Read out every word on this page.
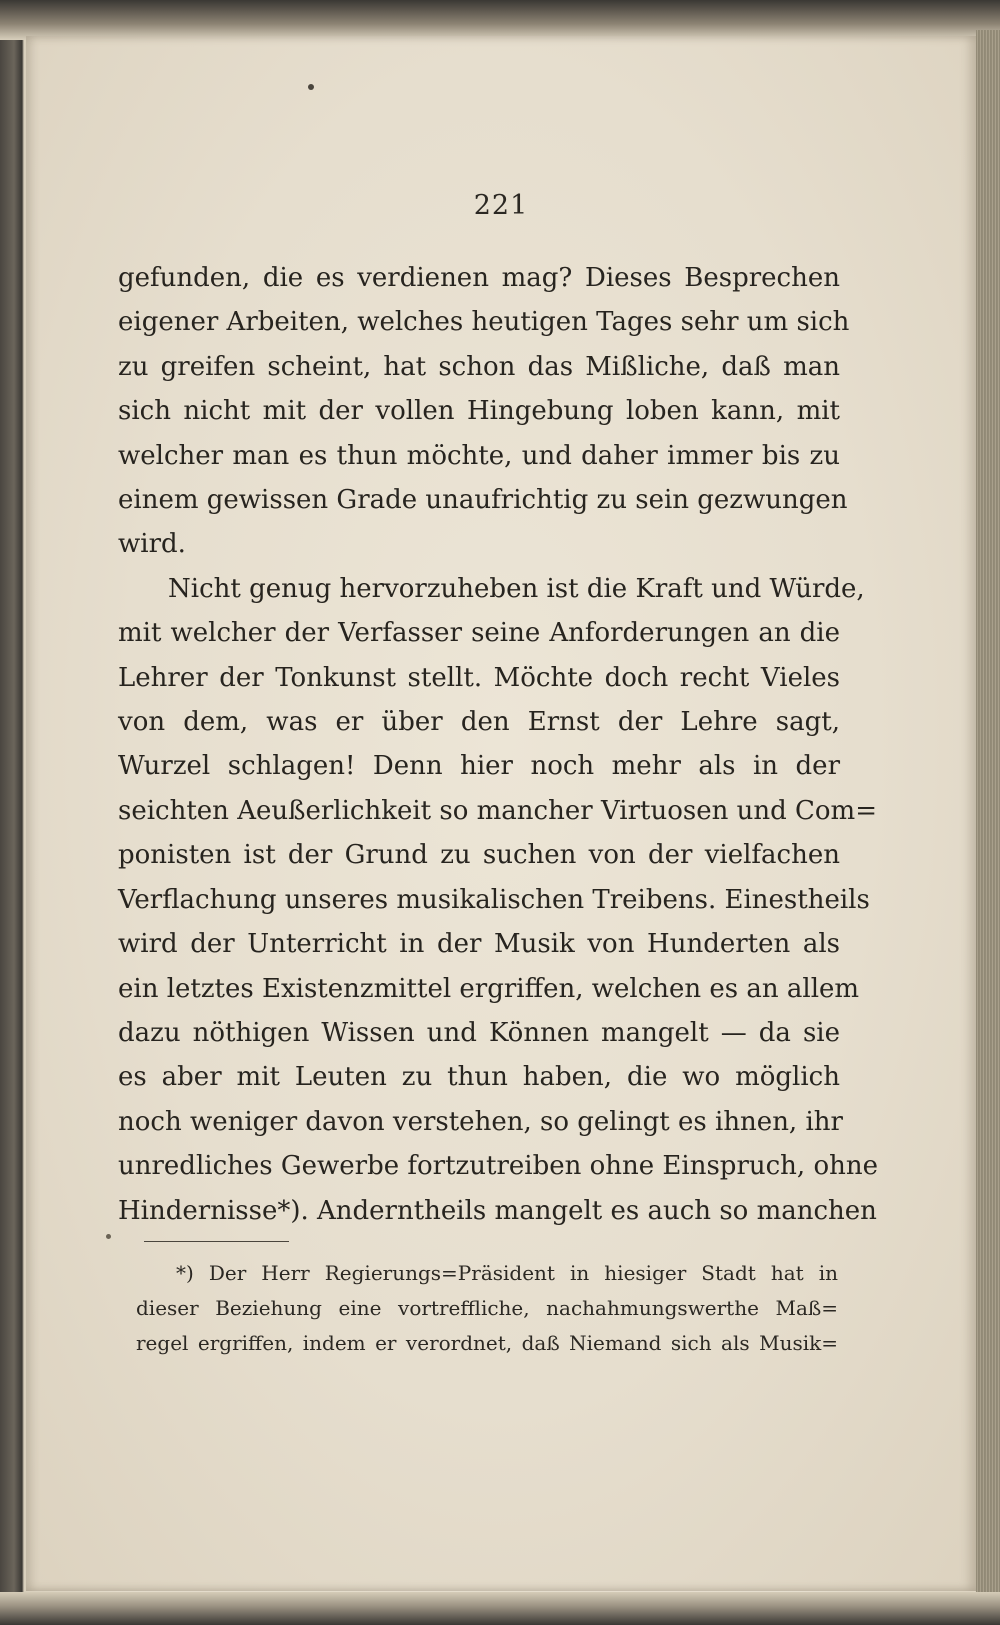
221

gefunden, die es verdienen mag? Dieses Besprechen
eigener Arbeiten, welches heutigen Tages sehr um sich
zu greifen scheint, hat schon das Mißliche, daß man
sich nicht mit der vollen Hingebung loben kann, mit
welcher man es thun möchte, und daher immer bis zu
einem gewissen Grade unaufrichtig zu sein gezwungen
wird.

Nicht genug hervorzuheben ist die Kraft und Würde,
mit welcher der Verfasser seine Anforderungen an die
Lehrer der Tonkunst stellt. Möchte doch recht Vieles
von dem, was er über den Ernst der Lehre sagt,
Wurzel schlagen! Denn hier noch mehr als in der
seichten Aeußerlichkeit so mancher Virtuosen und Com=
ponisten ist der Grund zu suchen von der vielfachen
Verflachung unseres musikalischen Treibens. Einestheils
wird der Unterricht in der Musik von Hunderten als
ein letztes Existenzmittel ergriffen, welchen es an allem
dazu nöthigen Wissen und Können mangelt — da sie
es aber mit Leuten zu thun haben, die wo möglich
noch weniger davon verstehen, so gelingt es ihnen, ihr
unredliches Gewerbe fortzutreiben ohne Einspruch, ohne
Hindernisse*). Anderntheils mangelt es auch so manchen

*) Der Herr Regierungs=Präsident in hiesiger Stadt hat in
dieser Beziehung eine vortreffliche, nachahmungswerthe Maß=
regel ergriffen, indem er verordnet, daß Niemand sich als Musik=
